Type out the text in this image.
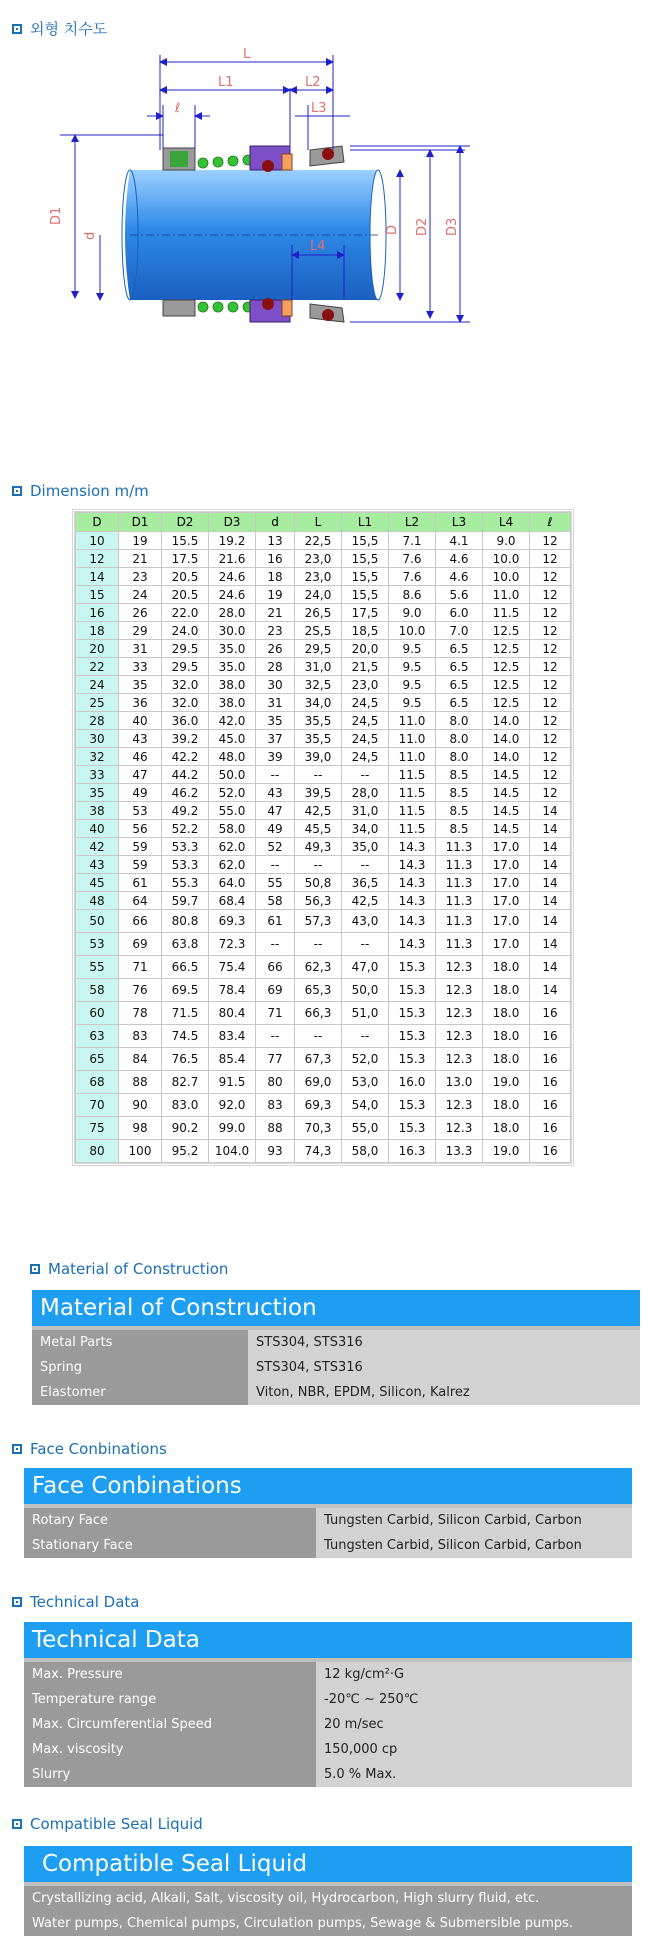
외형 치수도
L
L1	L2
L3
ℓ
L4
D1
d
D D2 D3
Dimension m/m
D	D1	D2	D3	d	L	L1	L2	L3	L4	ℓ
10	19	15.5	19.2	13	22,5	15,5	7.1	4.1	9.0	12
12	21	17.5	21.6	16	23,0	15,5	7.6	4.6	10.0	12
14	23	20.5	24.6	18	23,0	15,5	7.6	4.6	10.0	12
15	24	20.5	24.6	19	24,0	15,5	8.6	5.6	11.0	12
16	26	22.0	28.0	21	26,5	17,5	9.0	6.0	11.5	12
18	29	24.0	30.0	23	2S,5	18,5	10.0	7.0	12.5	12
20	31	29.5	35.0	26	29,5	20,0	9.5	6.5	12.5	12
22	33	29.5	35.0	28	31,0	21,5	9.5	6.5	12.5	12
24	35	32.0	38.0	30	32,5	23,0	9.5	6.5	12.5	12
25	36	32.0	38.0	31	34,0	24,5	9.5	6.5	12.5	12
28	40	36.0	42.0	35	35,5	24,5	11.0	8.0	14.0	12
30	43	39.2	45.0	37	35,5	24,5	11.0	8.0	14.0	12
32	46	42.2	48.0	39	39,0	24,5	11.0	8.0	14.0	12
33	47	44.2	50.0	--	--	--	11.5	8.5	14.5	12
35	49	46.2	52.0	43	39,5	28,0	11.5	8.5	14.5	12
38	53	49.2	55.0	47	42,5	31,0	11.5	8.5	14.5	14
40	56	52.2	58.0	49	45,5	34,0	11.5	8.5	14.5	14
42	59	53.3	62.0	52	49,3	35,0	14.3	11.3	17.0	14
43	59	53.3	62.0	--	--	--	14.3	11.3	17.0	14
45	61	55.3	64.0	55	50,8	36,5	14.3	11.3	17.0	14
48	64	59.7	68.4	58	56,3	42,5	14.3	11.3	17.0	14
50	66	80.8	69.3	61	57,3	43,0	14.3	11.3	17.0	14
53	69	63.8	72.3	--	--	--	14.3	11.3	17.0	14
55	71	66.5	75.4	66	62,3	47,0	15.3	12.3	18.0	14
58	76	69.5	78.4	69	65,3	50,0	15.3	12.3	18.0	14
60	78	71.5	80.4	71	66,3	51,0	15.3	12.3	18.0	16
63	83	74.5	83.4	--	--	--	15.3	12.3	18.0	16
65	84	76.5	85.4	77	67,3	52,0	15.3	12.3	18.0	16
68	88	82.7	91.5	80	69,0	53,0	16.0	13.0	19.0	16
70	90	83.0	92.0	83	69,3	54,0	15.3	12.3	18.0	16
75	98	90.2	99.0	88	70,3	55,0	15.3	12.3	18.0	16
80	100	95.2	104.0	93	74,3	58,0	16.3	13.3	19.0	16
Material of Construction
Material of Construction
Metal Parts	STS304, STS316
Spring	STS304, STS316
Elastomer	Viton, NBR, EPDM, Silicon, Kalrez
Face Conbinations
Face Conbinations
Rotary Face	Tungsten Carbid, Silicon Carbid, Carbon
Stationary Face	Tungsten Carbid, Silicon Carbid, Carbon
Technical Data
Technical Data
Max. Pressure	12 kg/cm²·G
Temperature range	-20℃ ~ 250℃
Max. Circumferential Speed	20 m/sec
Max. viscosity	150,000 cp
Slurry	5.0 % Max.
Compatible Seal Liquid
Compatible Seal Liquid
Crystallizing acid, Alkali, Salt, viscosity oil, Hydrocarbon, High slurry fluid, etc.
Water pumps, Chemical pumps, Circulation pumps, Sewage & Submersible pumps.
